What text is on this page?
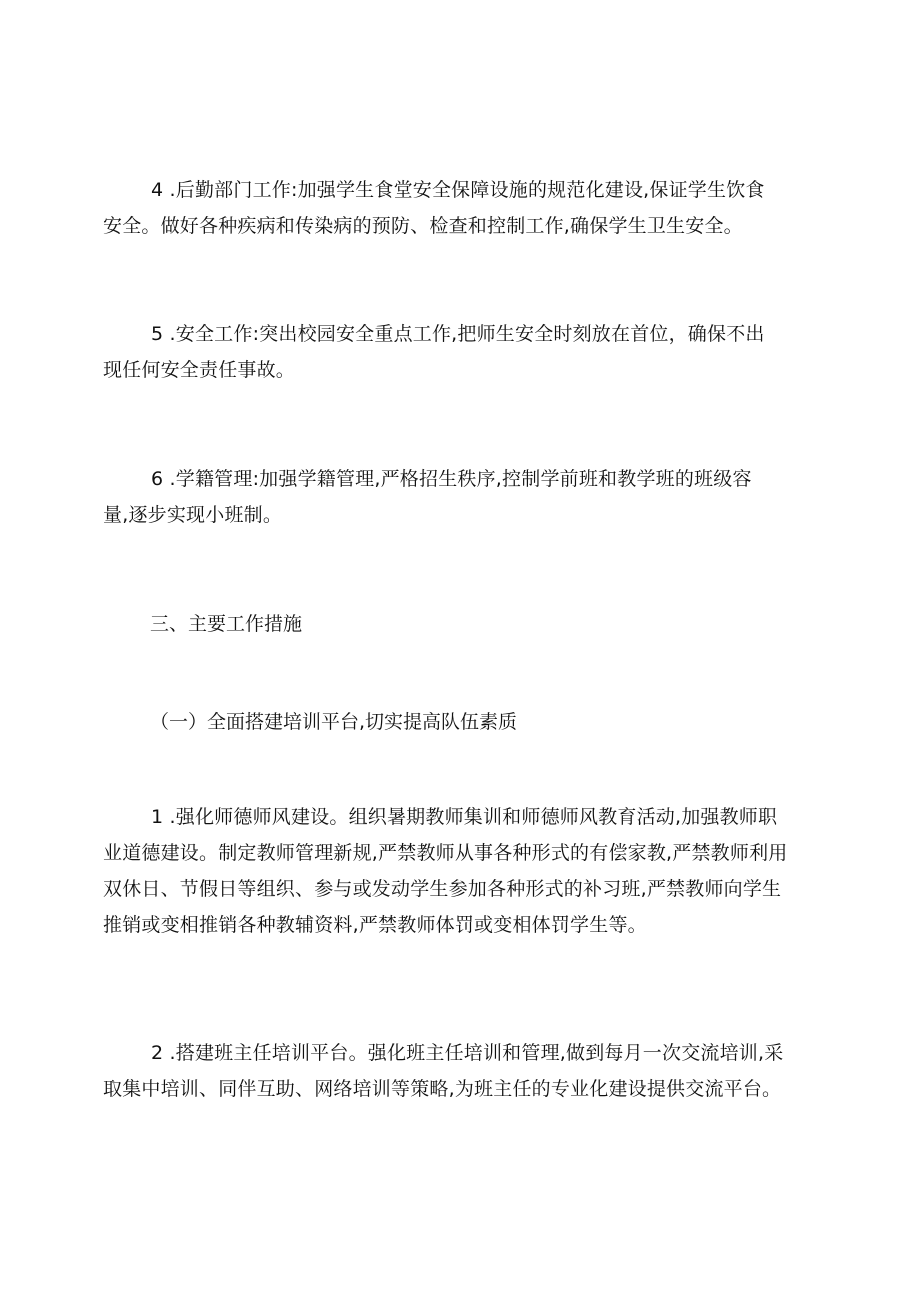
4 .后勤部门工作:加强学生食堂安全保障设施的规范化建设,保证学生饮食
安全。做好各种疾病和传染病的预防、检查和控制工作,确保学生卫生安全。

5 .安全工作:突出校园安全重点工作,把师生安全时刻放在首位，确保不出
现任何安全责任事故。

6 .学籍管理:加强学籍管理,严格招生秩序,控制学前班和教学班的班级容
量,逐步实现小班制。

三、主要工作措施

（一）全面搭建培训平台,切实提高队伍素质

1 .强化师德师风建设。组织暑期教师集训和师德师风教育活动,加强教师职
业道德建设。制定教师管理新规,严禁教师从事各种形式的有偿家教,严禁教师利用
双休日、节假日等组织、参与或发动学生参加各种形式的补习班,严禁教师向学生
推销或变相推销各种教辅资料,严禁教师体罚或变相体罚学生等。

2 .搭建班主任培训平台。强化班主任培训和管理,做到每月一次交流培训,采
取集中培训、同伴互助、网络培训等策略,为班主任的专业化建设提供交流平台。
